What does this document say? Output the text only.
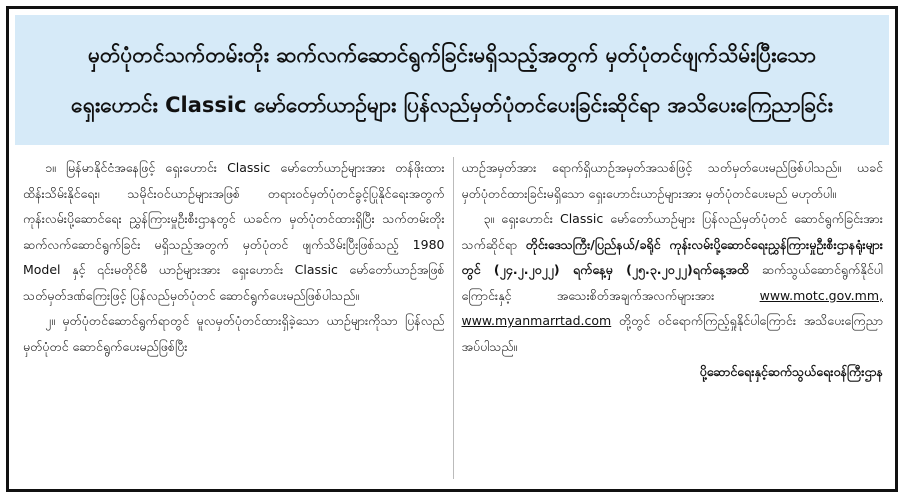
မှတ်ပုံတင်သက်တမ်းတိုး ဆက်လက်ဆောင်ရွက်ခြင်းမရှိသည့်အတွက် မှတ်ပုံတင်ဖျက်သိမ်းပြီးသော
ရှေးဟောင်း Classic မော်တော်ယာဉ်များ ပြန်လည်မှတ်ပုံတင်ပေးခြင်းဆိုင်ရာ အသိပေးကြေညာခြင်း

၁။ မြန်မာနိုင်ငံအနေဖြင့် ရှေးဟောင်း Classic မော်တော်ယာဉ်များအား တန်ဖိုးထားထိန်းသိမ်းနိုင်ရေး၊ သမိုင်းဝင်ယာဉ်များအဖြစ် တရားဝင်မှတ်ပုံတင်ခွင့်ပြုနိုင်ရေးအတွက် ကုန်းလမ်းပို့ဆောင်ရေး ညွှန်ကြားမှုဦးစီးဌာနတွင် ယခင်က မှတ်ပုံတင်ထားရှိပြီး သက်တမ်းတိုး ဆက်လက်ဆောင်ရွက်ခြင်း မရှိသည့်အတွက် မှတ်ပုံတင် ဖျက်သိမ်းပြီးဖြစ်သည့် 1980 Model နှင့် ၎င်းမတိုင်မီ ယာဉ်များအား ရှေးဟောင်း Classic မော်တော်ယာဉ်အဖြစ် သတ်မှတ်ဒဏ်ကြေးဖြင့် ပြန်လည်မှတ်ပုံတင် ဆောင်ရွက်ပေးမည်ဖြစ်ပါသည်။

၂။ မှတ်ပုံတင်ဆောင်ရွက်ရာတွင် မူလမှတ်ပုံတင်ထားရှိခဲ့သော ယာဉ်များကိုသာ ပြန်လည်မှတ်ပုံတင် ဆောင်ရွက်ပေးမည်ဖြစ်ပြီး

ယာဉ်အမှတ်အား ရောက်ရှိယာဉ်အမှတ်အသစ်ဖြင့် သတ်မှတ်ပေးမည်ဖြစ်ပါသည်။ ယခင်မှတ်ပုံတင်ထားခြင်းမရှိသော ရှေးဟောင်းယာဉ်များအား မှတ်ပုံတင်ပေးမည် မဟုတ်ပါ။

၃။ ရှေးဟောင်း Classic မော်တော်ယာဉ်များ ပြန်လည်မှတ်ပုံတင် ဆောင်ရွက်ခြင်းအား သက်ဆိုင်ရာ တိုင်းဒေသကြီး/ပြည်နယ်/ခရိုင် ကုန်းလမ်းပို့ဆောင်ရေးညွှန်ကြားမှုဦးစီးဌာနရုံးများတွင် (၂၄.၂.၂၀၂၂) ရက်နေ့မှ (၂၅.၃.၂၀၂၂)ရက်နေ့အထိ ဆက်သွယ်ဆောင်ရွက်နိုင်ပါကြောင်းနှင့် အသေးစိတ်အချက်အလက်များအား www.motc.gov.mm, www.myanmarrtad.com တို့တွင် ဝင်ရောက်ကြည့်ရှုနိုင်ပါကြောင်း အသိပေးကြေညာအပ်ပါသည်။

ပို့ဆောင်ရေးနှင့်ဆက်သွယ်ရေးဝန်ကြီးဌာန
